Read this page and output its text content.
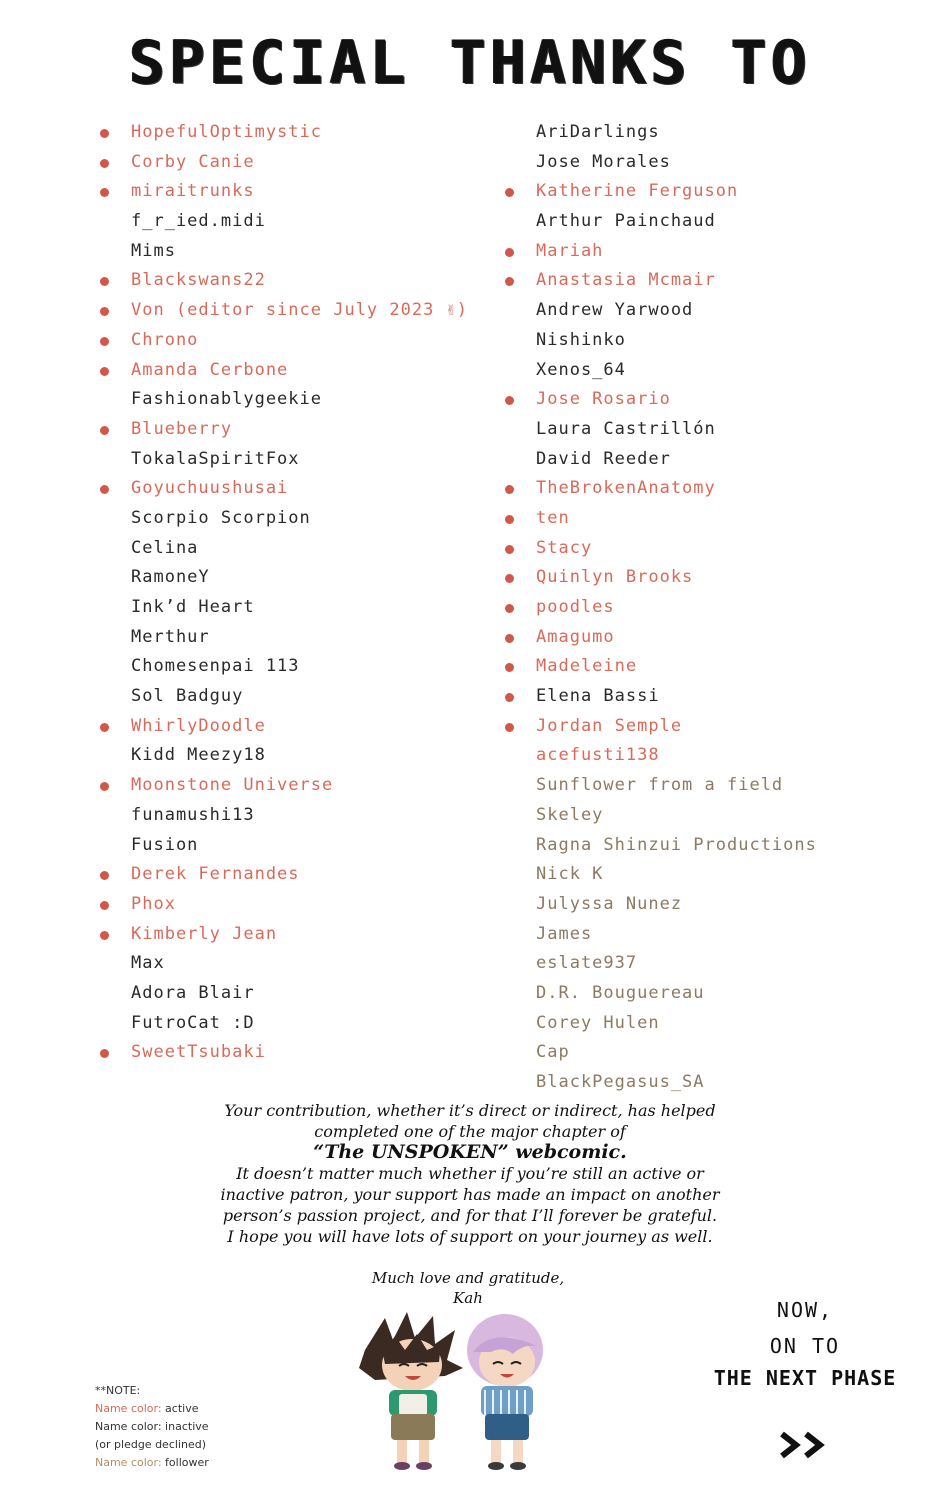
SPECIAL THANKS TO
HopefulOptimystic
Corby Canie
miraitrunks
f_r_ied.midi
Mims
Blackswans22
Von (editor since July 2023 ✌)
Chrono
Amanda Cerbone
Fashionablygeekie
Blueberry
TokalaSpiritFox
Goyuchuushusai
Scorpio Scorpion
Celina
RamoneY
Ink’d Heart
Merthur
Chomesenpai 113
Sol Badguy
WhirlyDoodle
Kidd Meezy18
Moonstone Universe
funamushi13
Fusion
Derek Fernandes
Phox
Kimberly Jean
Max
Adora Blair
FutroCat :D
SweetTsubaki
AriDarlings
Jose Morales
Katherine Ferguson
Arthur Painchaud
Mariah
Anastasia Mcmair
Andrew Yarwood
Nishinko
Xenos_64
Jose Rosario
Laura Castrillón
David Reeder
TheBrokenAnatomy
ten
Stacy
Quinlyn Brooks
poodles
Amagumo
Madeleine
Elena Bassi
Jordan Semple
acefusti138
Sunflower from a field
Skeley
Ragna Shinzui Productions
Nick K
Julyssa Nunez
James
eslate937
D.R. Bouguereau
Corey Hulen
Cap
BlackPegasus_SA
Your contribution, whether it’s direct or indirect, has helped
completed one of the major chapter of
“The UNSPOKEN” webcomic.
It doesn’t matter much whether if you’re still an active or
inactive patron, your support has made an impact on another
person’s passion project, and for that I’ll forever be grateful.
I hope you will have lots of support on your journey as well.
Much love and gratitude,
Kah
**NOTE:
Name color: active
Name color: inactive
(or pledge declined)
Name color: follower
NOW,
ON TO
THE NEXT PHASE
